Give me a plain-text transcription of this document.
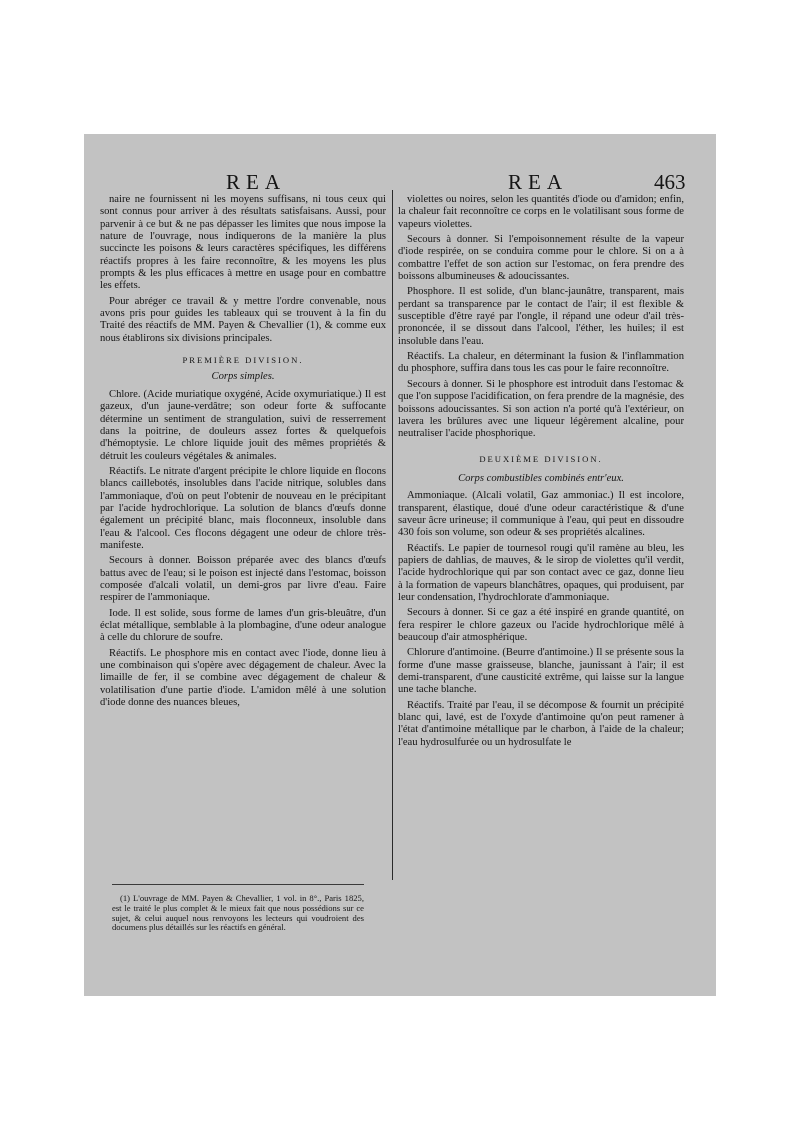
REA	REA	463

naire ne fournissent ni les moyens suffisans, ni tous ceux qui sont connus pour arriver à des résultats satisfaisans. Aussi, pour parvenir à ce but & ne pas dépasser les limites que nous impose la nature de l'ouvrage, nous indiquerons de la manière la plus succincte les poisons & leurs caractères spécifiques, les différens réactifs propres à les faire reconnoître, & les moyens les plus prompts & les plus efficaces à mettre en usage pour en combattre les effets.

Pour abréger ce travail & y mettre l'ordre convenable, nous avons pris pour guides les tableaux qui se trouvent à la fin du Traité des réactifs de MM. Payen & Chevallier (1), & comme eux nous établirons six divisions principales.

PREMIÈRE DIVISION.

Corps simples.

Chlore. (Acide muriatique oxygéné, Acide oxymuriatique.) Il est gazeux, d'un jaune-verdâtre; son odeur forte & suffocante détermine un sentiment de strangulation, suivi de resserrement dans la poitrine, de douleurs assez fortes & quelquefois d'hémoptysie. Le chlore liquide jouit des mêmes propriétés & détruit les couleurs végétales & animales.

Réactifs. Le nitrate d'argent précipite le chlore liquide en flocons blancs caillebotés, insolubles dans l'acide nitrique, solubles dans l'ammoniaque, d'où on peut l'obtenir de nouveau en le précipitant par l'acide hydrochlorique. La solution de blancs d'œufs donne également un précipité blanc, mais floconneux, insoluble dans l'eau & l'alcool. Ces flocons dégagent une odeur de chlore très-manifeste.

Secours à donner. Boisson préparée avec des blancs d'œufs battus avec de l'eau; si le poison est injecté dans l'estomac, boisson composée d'alcali volatil, un demi-gros par livre d'eau. Faire respirer de l'ammoniaque.

Iode. Il est solide, sous forme de lames d'un gris-bleuâtre, d'un éclat métallique, semblable à la plombagine, d'une odeur analogue à celle du chlorure de soufre.

Réactifs. Le phosphore mis en contact avec l'iode, donne lieu à une combinaison qui s'opère avec dégagement de chaleur. Avec la limaille de fer, il se combine avec dégagement de chaleur & volatilisation d'une partie d'iode. L'amidon mêlé à une solution d'iode donne des nuances bleues,

violettes ou noires, selon les quantités d'iode ou d'amidon; enfin, la chaleur fait reconnoître ce corps en le volatilisant sous forme de vapeurs violettes.

Secours à donner. Si l'empoisonnement résulte de la vapeur d'iode respirée, on se conduira comme pour le chlore. Si on a à combattre l'effet de son action sur l'estomac, on fera prendre des boissons albumineuses & adoucissantes.

Phosphore. Il est solide, d'un blanc-jaunâtre, transparent, mais perdant sa transparence par le contact de l'air; il est flexible & susceptible d'être rayé par l'ongle, il répand une odeur d'ail très-prononcée, il se dissout dans l'alcool, l'éther, les huiles; il est insoluble dans l'eau.

Réactifs. La chaleur, en déterminant la fusion & l'inflammation du phosphore, suffira dans tous les cas pour le faire reconnoître.

Secours à donner. Si le phosphore est introduit dans l'estomac & que l'on suppose l'acidification, on fera prendre de la magnésie, des boissons adoucissantes. Si son action n'a porté qu'à l'extérieur, on lavera les brûlures avec une liqueur légèrement alcaline, pour neutraliser l'acide phosphorique.

DEUXIÈME DIVISION.

Corps combustibles combinés entr'eux.

Ammoniaque. (Alcali volatil, Gaz ammoniac.) Il est incolore, transparent, élastique, doué d'une odeur caractéristique & d'une saveur âcre urineuse; il communique à l'eau, qui peut en dissoudre 430 fois son volume, son odeur & ses propriétés alcalines.

Réactifs. Le papier de tournesol rougi qu'il ramène au bleu, les papiers de dahlias, de mauves, & le sirop de violettes qu'il verdit, l'acide hydrochlorique qui par son contact avec ce gaz, donne lieu à la formation de vapeurs blanchâtres, opaques, qui produisent, par leur condensation, l'hydrochlorate d'ammoniaque.

Secours à donner. Si ce gaz a été inspiré en grande quantité, on fera respirer le chlore gazeux ou l'acide hydrochlorique mêlé à beaucoup d'air atmosphérique.

Chlorure d'antimoine. (Beurre d'antimoine.) Il se présente sous la forme d'une masse graisseuse, blanche, jaunissant à l'air; il est demi-transparent, d'une causticité extrême, qui laisse sur la langue une tache blanche.

Réactifs. Traité par l'eau, il se décompose & fournit un précipité blanc qui, lavé, est de l'oxyde d'antimoine qu'on peut ramener à l'état d'antimoine métallique par le charbon, à l'aide de la chaleur; l'eau hydrosulfurée ou un hydrosulfate le

(1) L'ouvrage de MM. Payen & Chevallier, 1 vol. in 8°., Paris 1825, est le traité le plus complet & le mieux fait que nous possédions sur ce sujet, & celui auquel nous renvoyons les lecteurs qui voudroient des documens plus détaillés sur les réactifs en général.
